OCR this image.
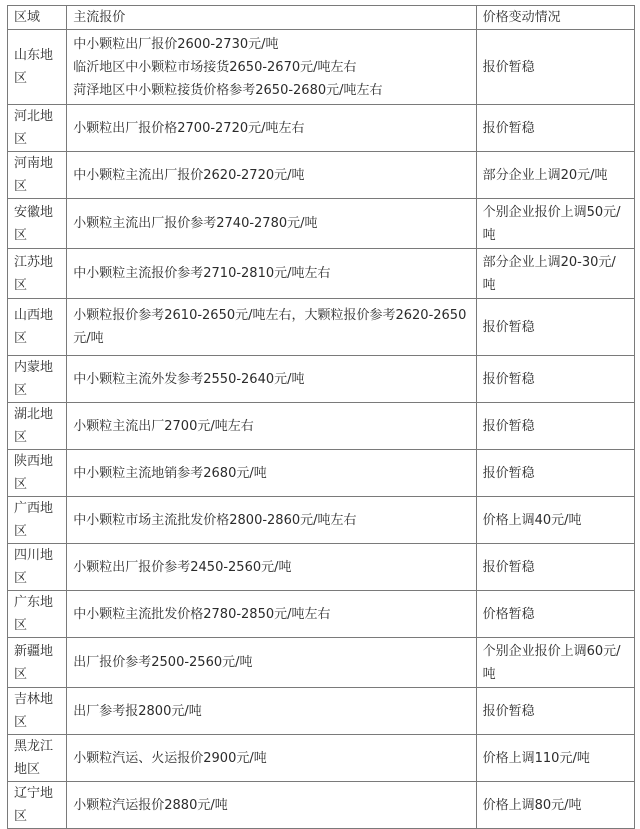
区域	主流报价	价格变动情况
山东地区	中小颗粒出厂报价2600-2730元/吨
临沂地区中小颗粒市场接货2650-2670元/吨左右
菏泽地区中小颗粒接货价格参考2650-2680元/吨左右	报价暂稳
河北地区	小颗粒出厂报价格2700-2720元/吨左右	报价暂稳
河南地区	中小颗粒主流出厂报价2620-2720元/吨	部分企业上调20元/吨
安徽地区	小颗粒主流出厂报价参考2740-2780元/吨	个别企业报价上调50元/吨
江苏地区	中小颗粒主流报价参考2710-2810元/吨左右	部分企业上调20-30元/吨
山西地区	小颗粒报价参考2610-2650元/吨左右，大颗粒报价参考2620-2650元/吨	报价暂稳
内蒙地区	中小颗粒主流外发参考2550-2640元/吨	报价暂稳
湖北地区	小颗粒主流出厂2700元/吨左右	报价暂稳
陕西地区	中小颗粒主流地销参考2680元/吨	报价暂稳
广西地区	中小颗粒市场主流批发价格2800-2860元/吨左右	价格上调40元/吨
四川地区	小颗粒出厂报价参考2450-2560元/吨	报价暂稳
广东地区	中小颗粒主流批发价格2780-2850元/吨左右	价格暂稳
新疆地区	出厂报价参考2500-2560元/吨	个别企业报价上调60元/吨
吉林地区	出厂参考报2800元/吨	报价暂稳
黑龙江地区	小颗粒汽运、火运报价2900元/吨	价格上调110元/吨
辽宁地区	小颗粒汽运报价2880元/吨	价格上调80元/吨
